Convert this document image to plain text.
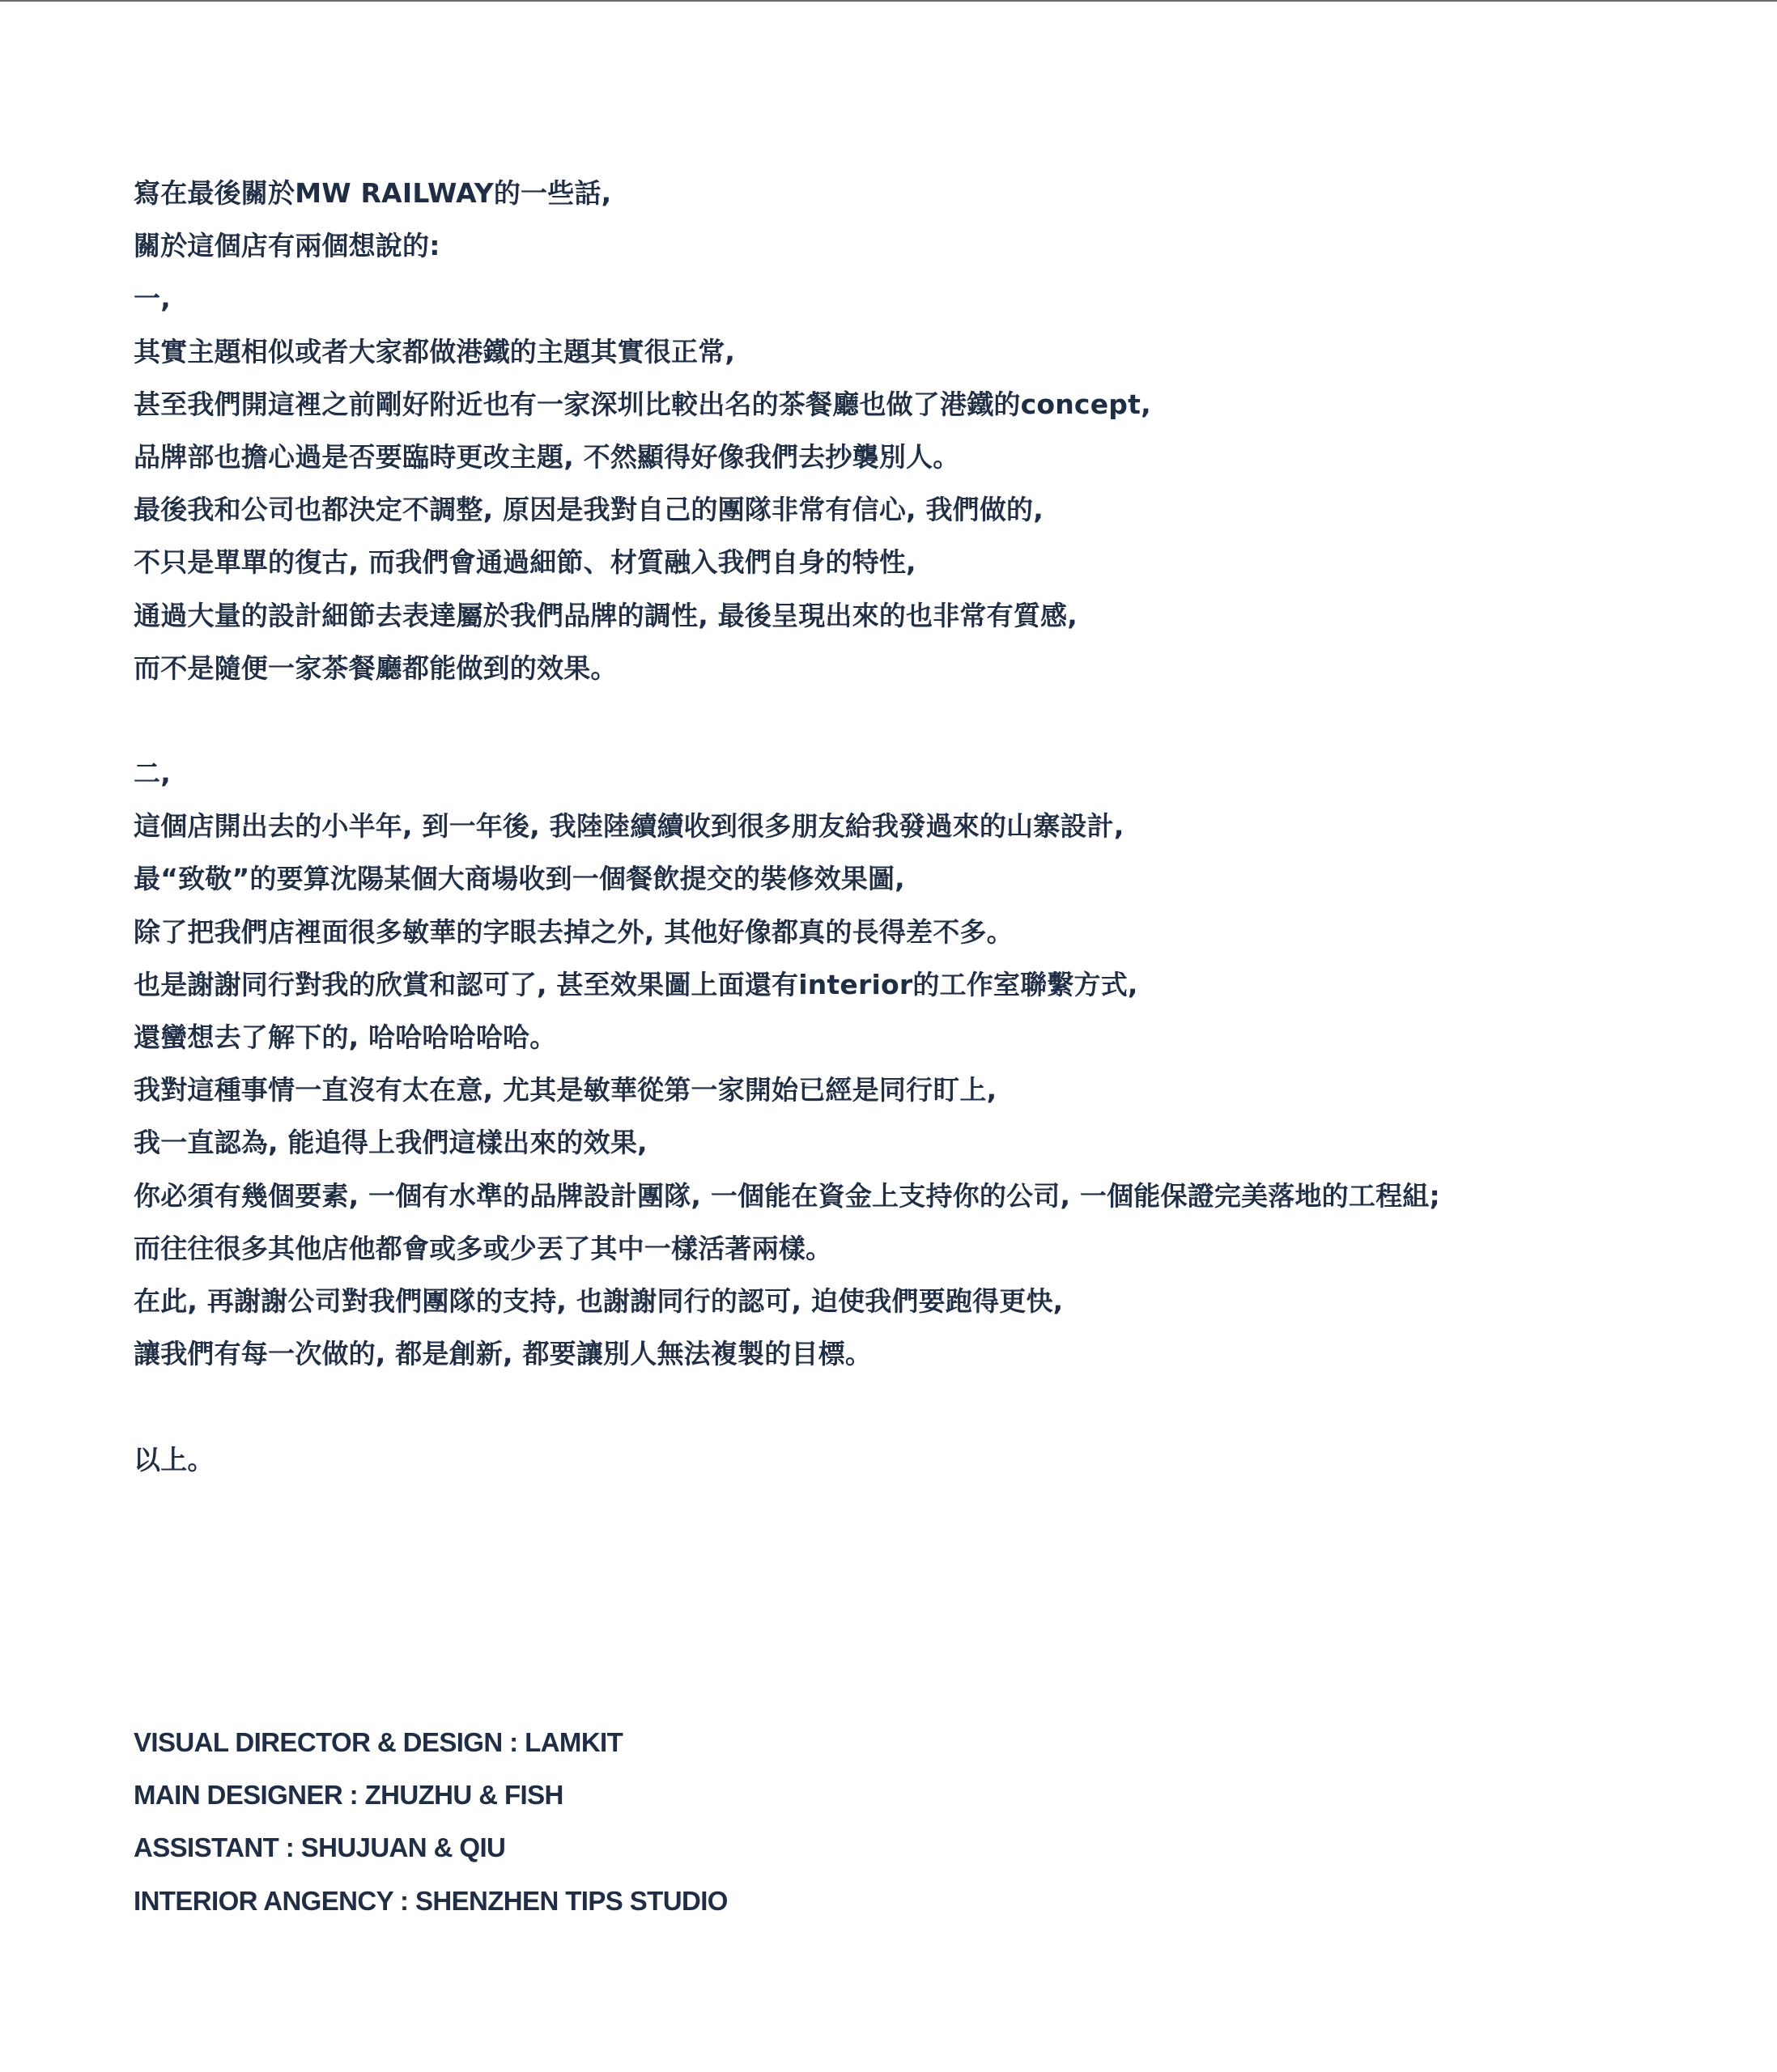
寫在最後關於MW RAILWAY的一些話,
關於這個店有兩個想說的:
一,
其實主題相似或者大家都做港鐵的主題其實很正常,
甚至我們開這裡之前剛好附近也有一家深圳比較出名的茶餐廳也做了港鐵的concept,
品牌部也擔心過是否要臨時更改主題, 不然顯得好像我們去抄襲別人。
最後我和公司也都決定不調整, 原因是我對自己的團隊非常有信心, 我們做的,
不只是單單的復古, 而我們會通過細節、材質融入我們自身的特性,
通過大量的設計細節去表達屬於我們品牌的調性, 最後呈現出來的也非常有質感,
而不是隨便一家茶餐廳都能做到的效果。
二,
這個店開出去的小半年, 到一年後, 我陸陸續續收到很多朋友給我發過來的山寨設計,
最“致敬”的要算沈陽某個大商場收到一個餐飲提交的裝修效果圖,
除了把我們店裡面很多敏華的字眼去掉之外, 其他好像都真的長得差不多。
也是謝謝同行對我的欣賞和認可了, 甚至效果圖上面還有interior的工作室聯繫方式,
還蠻想去了解下的, 哈哈哈哈哈哈。
我對這種事情一直沒有太在意, 尤其是敏華從第一家開始已經是同行盯上,
我一直認為, 能追得上我們這樣出來的效果,
你必須有幾個要素, 一個有水準的品牌設計團隊, 一個能在資金上支持你的公司, 一個能保證完美落地的工程組;
而往往很多其他店他都會或多或少丟了其中一樣活著兩樣。
在此, 再謝謝公司對我們團隊的支持, 也謝謝同行的認可, 迫使我們要跑得更快,
讓我們有每一次做的, 都是創新, 都要讓別人無法複製的目標。
以上。
VISUAL DIRECTOR & DESIGN : LAMKIT
MAIN DESIGNER : ZHUZHU & FISH
ASSISTANT : SHUJUAN & QIU
INTERIOR ANGENCY : SHENZHEN TIPS STUDIO
